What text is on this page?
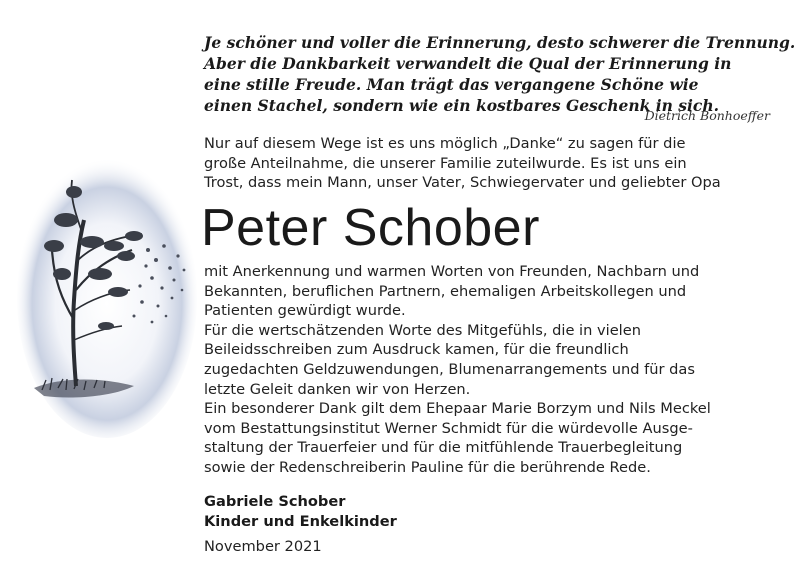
Je schöner und voller die Erinnerung, desto schwerer die Trennung.
Aber die Dankbarkeit verwandelt die Qual der Erinnerung in
eine stille Freude. Man trägt das vergangene Schöne wie
einen Stachel, sondern wie ein kostbares Geschenk in sich.
Dietrich Bonhoeffer
Nur auf diesem Wege ist es uns möglich „Danke“ zu sagen für die
große Anteilnahme, die unserer Familie zuteilwurde. Es ist uns ein
Trost, dass mein Mann, unser Vater, Schwiegervater und geliebter Opa
Peter Schober
mit Anerkennung und warmen Worten von Freunden, Nachbarn und
Bekannten, beruflichen Partnern, ehemaligen Arbeitskollegen und
Patienten gewürdigt wurde.
Für die wertschätzenden Worte des Mitgefühls, die in vielen
Beileidsschreiben zum Ausdruck kamen, für die freundlich
zugedachten Geldzuwendungen, Blumenarrangements und für das
letzte Geleit danken wir von Herzen.
Ein besonderer Dank gilt dem Ehepaar Marie Borzym und Nils Meckel
vom Bestattungsinstitut Werner Schmidt für die würdevolle Ausge-
staltung der Trauerfeier und für die mitfühlende Trauerbegleitung
sowie der Redenschreiberin Pauline für die berührende Rede.
Gabriele Schober
Kinder und Enkelkinder
November 2021
